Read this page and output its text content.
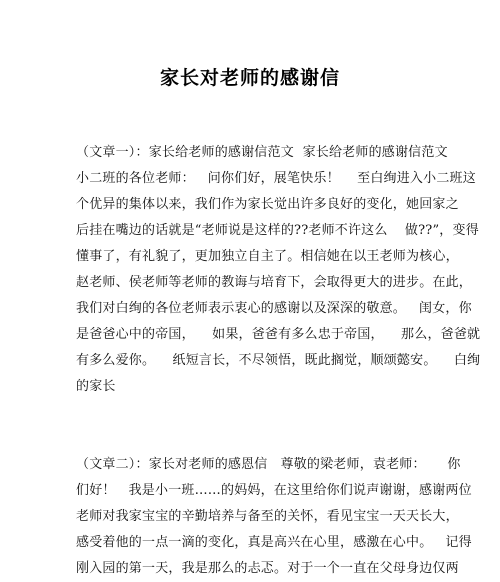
家长对老师的感谢信
（文章一）：家长给老师的感谢信范文  家长给老师的感谢信范文
小二班的各位老师：   问你们好，展笔快乐！    至白绚进入小二班这
个优异的集体以来，我们作为家长觉出许多良好的变化，她回家之
后挂在嘴边的话就是“老师说是这样的??老师不许这么    做??”，变得
懂事了，有礼貌了，更加独立自主了。相信她在以王老师为核心，
赵老师、侯老师等老师的教诲与培育下，会取得更大的进步。在此，
我们对白绚的各位老师表示衷心的感谢以及深深的敬意。   闺女，你
是爸爸心中的帝国，    如果，爸爸有多么忠于帝国，    那么，爸爸就
有多么爱你。    纸短言长，不尽领悟，既此搁觉，顺颂懿安。    白绚
的家长
（文章二）：家长对老师的感恩信   尊敬的梁老师，袁老师：     你
们好！   我是小一班……的妈妈，在这里给你们说声谢谢，感谢两位
老师对我家宝宝的辛勤培养与备至的关怀，看见宝宝一天天长大，
感受着他的一点一滴的变化，真是高兴在心里，感激在心中。   记得
刚入园的第一天，我是那么的忐忑。对于一个一直在父母身边仅两
